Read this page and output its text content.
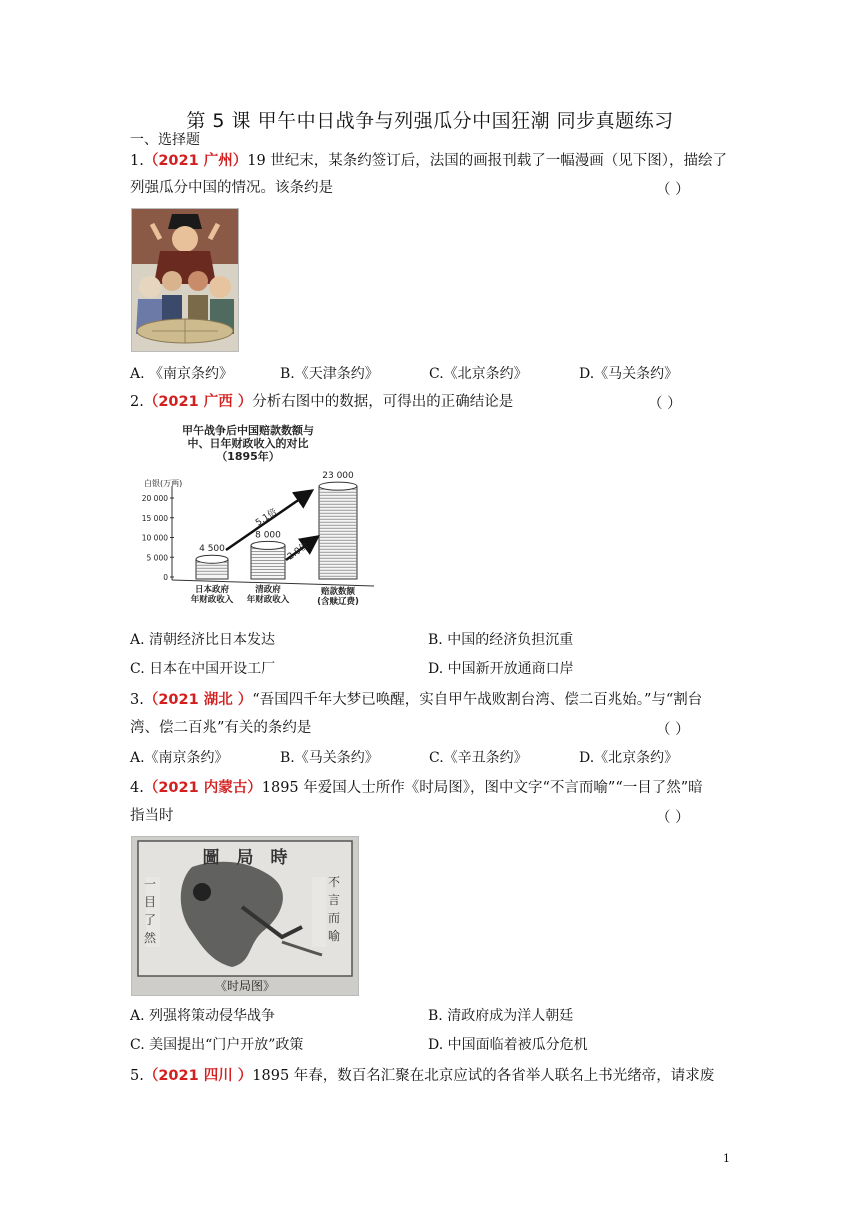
第 5 课 甲午中日战争与列强瓜分中国狂潮 同步真题练习
一、选择题
1.（2021 广州）19 世纪末，某条约签订后，法国的画报刊载了一幅漫画（见下图），描绘了
列强瓜分中国的情况。该条约是	（ ）
A. 《南京条约》	B.《天津条约》	C.《北京条约》	D.《马关条约》
2.（2021 广西 ）分析右图中的数据，可得出的正确结论是	（ ）
甲午战争后中国赔款数额与
中、日年财政收入的对比
（1895年）
白银(万两)
20 000
15 000
10 000
5 000
0
4 500
日本政府
年财政收入
8 000
清政府
年财政收入
23 000
赔款数额
(含赎辽费)
5.1倍
2.9倍
A. 清朝经济比日本发达	B. 中国的经济负担沉重
C. 日本在中国开设工厂	D. 中国新开放通商口岸
3.（2021 湖北 ）“吾国四千年大梦已唤醒，实自甲午战败割台湾、偿二百兆始。”与“割台
湾、偿二百兆”有关的条约是	（ ）
A.《南京条约》	B.《马关条约》	C.《辛丑条约》	D.《北京条约》
4.（2021 内蒙古）1895 年爱国人士所作《时局图》，图中文字“不言而喻”“一目了然”暗
指当时	（ ）
圖　局　時
一
目
了
然
不
言
而
喻
《时局图》
A. 列强将策动侵华战争	B. 清政府成为洋人朝廷
C. 美国提出“门户开放”政策	D. 中国面临着被瓜分危机
5.（2021 四川 ）1895 年春，数百名汇聚在北京应试的各省举人联名上书光绪帝，请求废
1
